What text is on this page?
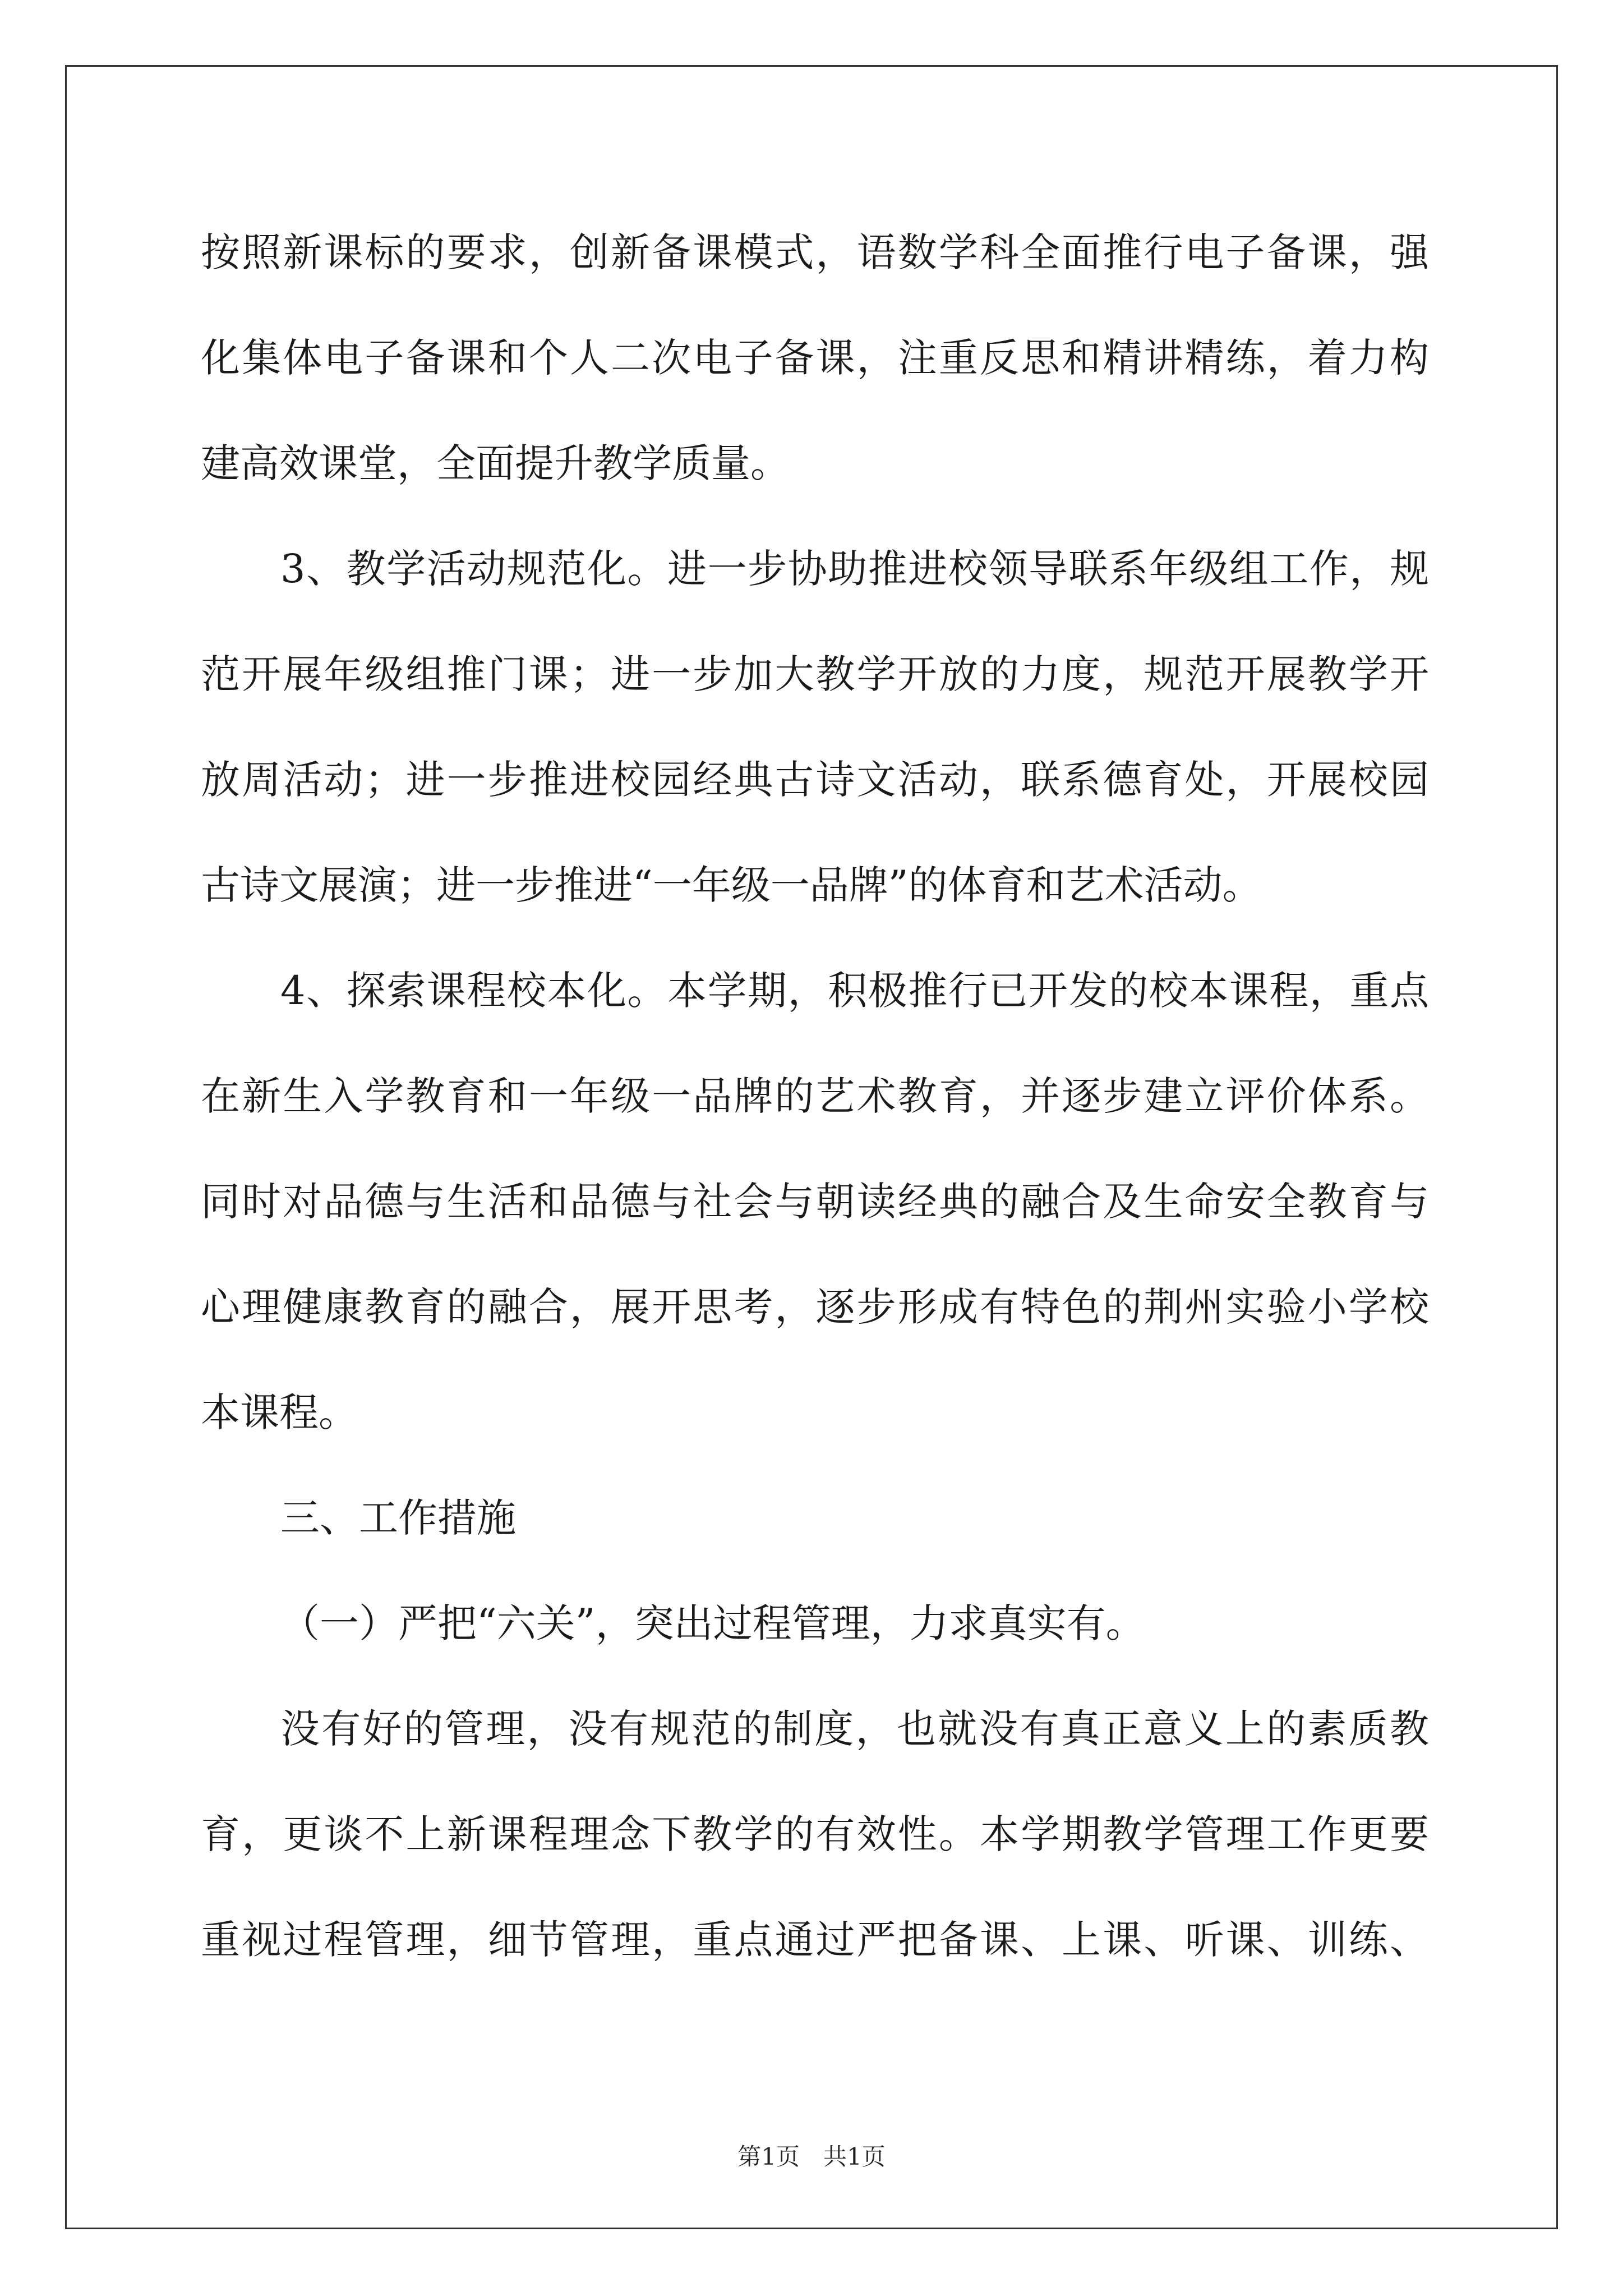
按照新课标的要求，创新备课模式，语数学科全面推行电子备课，强
化集体电子备课和个人二次电子备课，注重反思和精讲精练，着力构
建高效课堂，全面提升教学质量。
3、教学活动规范化。进一步协助推进校领导联系年级组工作，规
范开展年级组推门课；进一步加大教学开放的力度，规范开展教学开
放周活动；进一步推进校园经典古诗文活动，联系德育处，开展校园
古诗文展演；进一步推进“一年级一品牌”的体育和艺术活动。
4、探索课程校本化。本学期，积极推行已开发的校本课程，重点
在新生入学教育和一年级一品牌的艺术教育，并逐步建立评价体系。
同时对品德与生活和品德与社会与朝读经典的融合及生命安全教育与
心理健康教育的融合，展开思考，逐步形成有特色的荆州实验小学校
本课程。
三、工作措施
（一）严把“六关”，突出过程管理，力求真实有。
没有好的管理，没有规范的制度，也就没有真正意义上的素质教
育，更谈不上新课程理念下教学的有效性。本学期教学管理工作更要
重视过程管理，细节管理，重点通过严把备课、上课、听课、训练、
第1页　共1页
